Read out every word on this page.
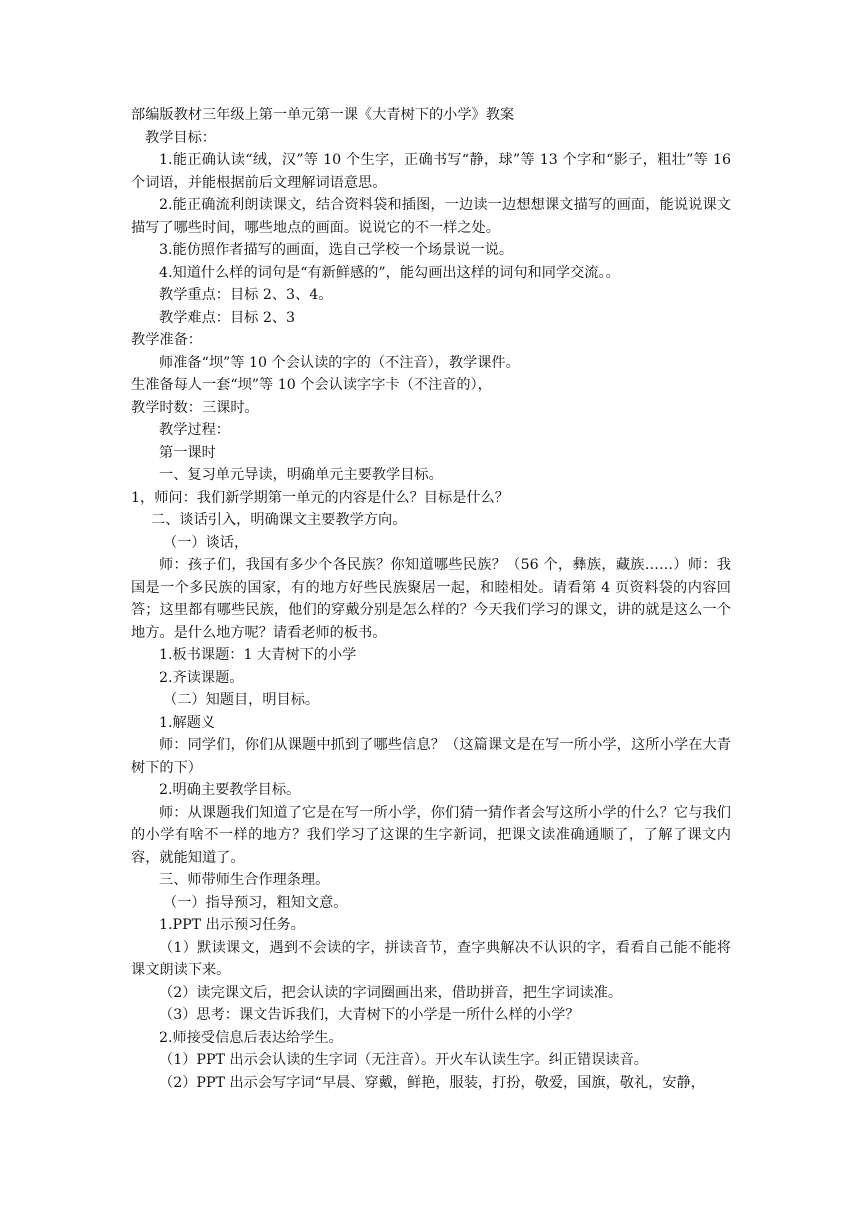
部编版教材三年级上第一单元第一课《大青树下的小学》教案

教学目标：

1.能正确认读“绒，汉”等 10 个生字，正确书写“静，球”等 13 个字和“影子，粗壮”等 16 个词语，并能根据前后文理解词语意思。

2.能正确流利朗读课文，结合资料袋和插图，一边读一边想想课文描写的画面，能说说课文描写了哪些时间，哪些地点的画面。说说它的不一样之处。

3.能仿照作者描写的画面，选自己学校一个场景说一说。

4.知道什么样的词句是“有新鲜感的”，能勾画出这样的词句和同学交流。。

教学重点：目标 2、3、4。

教学难点：目标 2、3

教学准备：

师准备“坝”等 10 个会认读的字的（不注音），教学课件。

生准备每人一套“坝”等 10 个会认读字字卡（不注音的），

教学时数：三课时。

教学过程：

第一课时

一、复习单元导读，明确单元主要教学目标。

1，师问：我们新学期第一单元的内容是什么？目标是什么？

二、谈话引入，明确课文主要教学方向。

（一）谈话，

师：孩子们，我国有多少个各民族？你知道哪些民族？（56 个，彝族，藏族……）师：我国是一个多民族的国家，有的地方好些民族聚居一起，和睦相处。请看第 4 页资料袋的内容回答；这里都有哪些民族，他们的穿戴分别是怎么样的？今天我们学习的课文，讲的就是这么一个地方。是什么地方呢？请看老师的板书。

1.板书课题：1 大青树下的小学

2.齐读课题。

（二）知题目，明目标。

1.解题义

师：同学们，你们从课题中抓到了哪些信息？（这篇课文是在写一所小学，这所小学在大青树下的下）

2.明确主要教学目标。

师：从课题我们知道了它是在写一所小学，你们猜一猜作者会写这所小学的什么？它与我们的小学有啥不一样的地方？我们学习了这课的生字新词，把课文读准确通顺了，了解了课文内容，就能知道了。

三、师带师生合作理条理。

（一）指导预习，粗知文意。

1.PPT 出示预习任务。

（1）默读课文，遇到不会读的字，拼读音节，查字典解决不认识的字，看看自己能不能将课文朗读下来。

（2）读完课文后，把会认读的字词圈画出来，借助拼音，把生字词读准。

（3）思考：课文告诉我们，大青树下的小学是一所什么样的小学？

2.师接受信息后表达给学生。

（1）PPT 出示会认读的生字词（无注音）。开火车认读生字。纠正错误读音。

（2）PPT 出示会写字词“早晨、穿戴，鲜艳，服装，打扮，敬爱，国旗，敬礼，安静，
